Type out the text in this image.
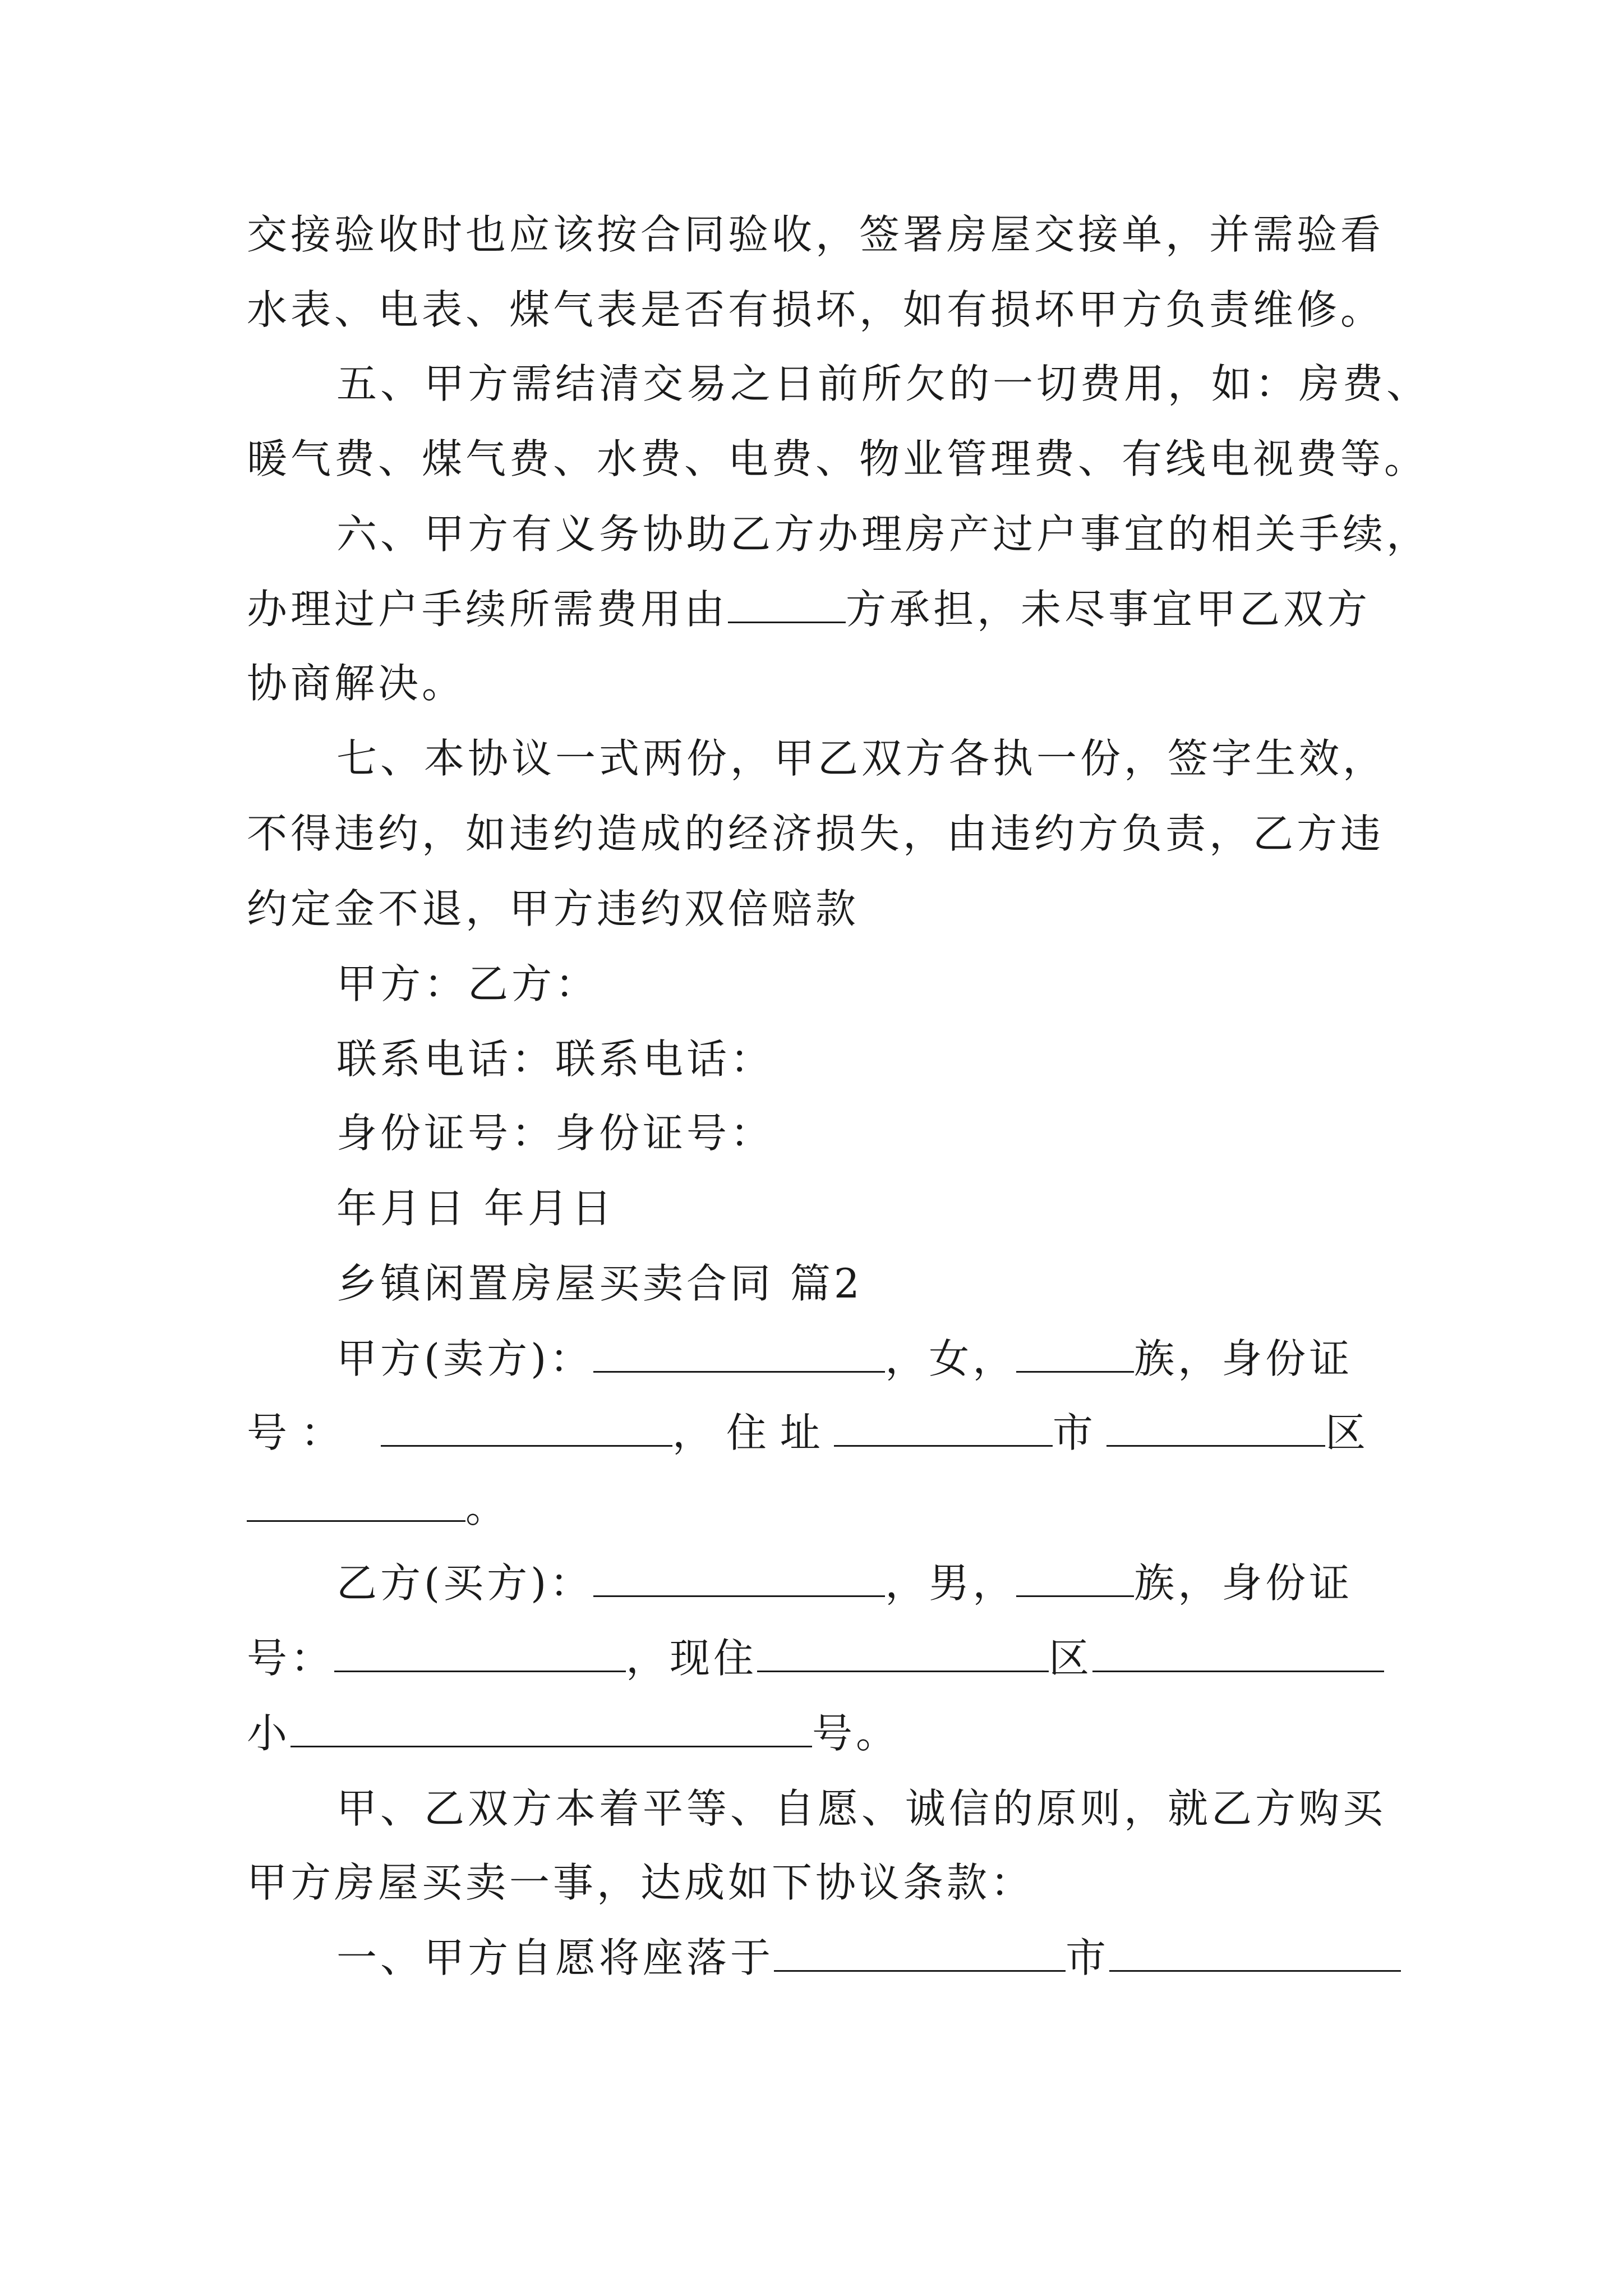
交接验收时也应该按合同验收，签署房屋交接单，并需验看
水表、电表、煤气表是否有损坏，如有损坏甲方负责维修。
五、甲方需结清交易之日前所欠的一切费用，如：房费、
暖气费、煤气费、水费、电费、物业管理费、有线电视费等。
六、甲方有义务协助乙方办理房产过户事宜的相关手续，
办理过户手续所需费用由	方承担，未尽事宜甲乙双方
协商解决。
七、本协议一式两份，甲乙双方各执一份，签字生效，
不得违约，如违约造成的经济损失，由违约方负责，乙方违
约定金不退，甲方违约双倍赔款
甲方：乙方：
联系电话：联系电话：
身份证号：身份证号：
年月日 年月日
乡镇闲置房屋买卖合同 篇2
甲方(卖方)：	，女，	族，身份证
号：	，住址	市	区
。
乙方(买方)：	，男，	族，身份证
号：	，现住	区
小	号。
甲、乙双方本着平等、自愿、诚信的原则，就乙方购买
甲方房屋买卖一事，达成如下协议条款：
一、甲方自愿将座落于	市
